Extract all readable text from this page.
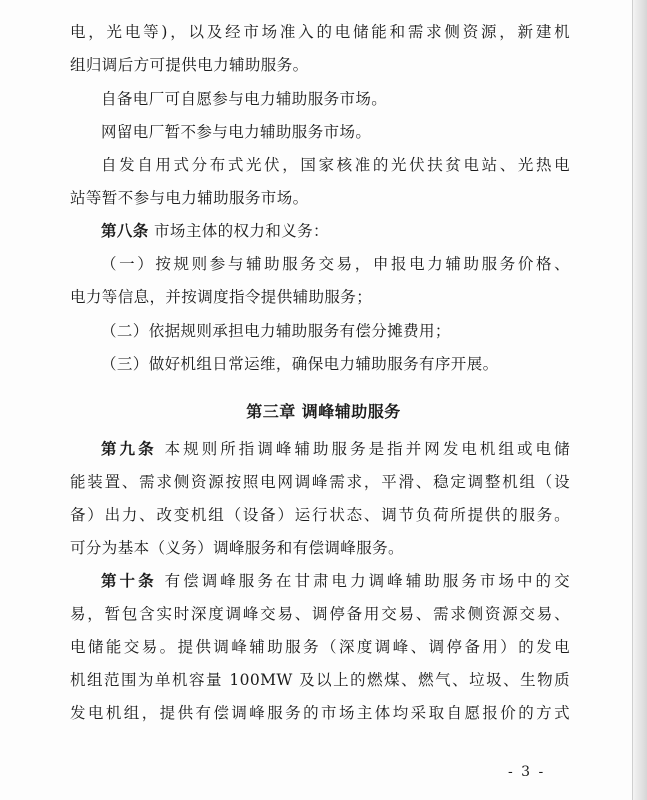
电，光电等)，以及经市场准入的电储能和需求侧资源，新建机
组归调后方可提供电力辅助服务。
自备电厂可自愿参与电力辅助服务市场。
网留电厂暂不参与电力辅助服务市场。
自发自用式分布式光伏，国家核准的光伏扶贫电站、光热电
站等暂不参与电力辅助服务市场。
第八条 市场主体的权力和义务：
（一）按规则参与辅助服务交易，申报电力辅助服务价格、
电力等信息，并按调度指令提供辅助服务；
（二）依据规则承担电力辅助服务有偿分摊费用；
（三）做好机组日常运维，确保电力辅助服务有序开展。
第三章 调峰辅助服务
第九条 本规则所指调峰辅助服务是指并网发电机组或电储
能装置、需求侧资源按照电网调峰需求，平滑、稳定调整机组（设
备）出力、改变机组（设备）运行状态、调节负荷所提供的服务。
可分为基本（义务）调峰服务和有偿调峰服务。
第十条 有偿调峰服务在甘肃电力调峰辅助服务市场中的交
易，暂包含实时深度调峰交易、调停备用交易、需求侧资源交易、
电储能交易。提供调峰辅助服务（深度调峰、调停备用）的发电
机组范围为单机容量 100MW 及以上的燃煤、燃气、垃圾、生物质
发电机组，提供有偿调峰服务的市场主体均采取自愿报价的方式
- 3 -
